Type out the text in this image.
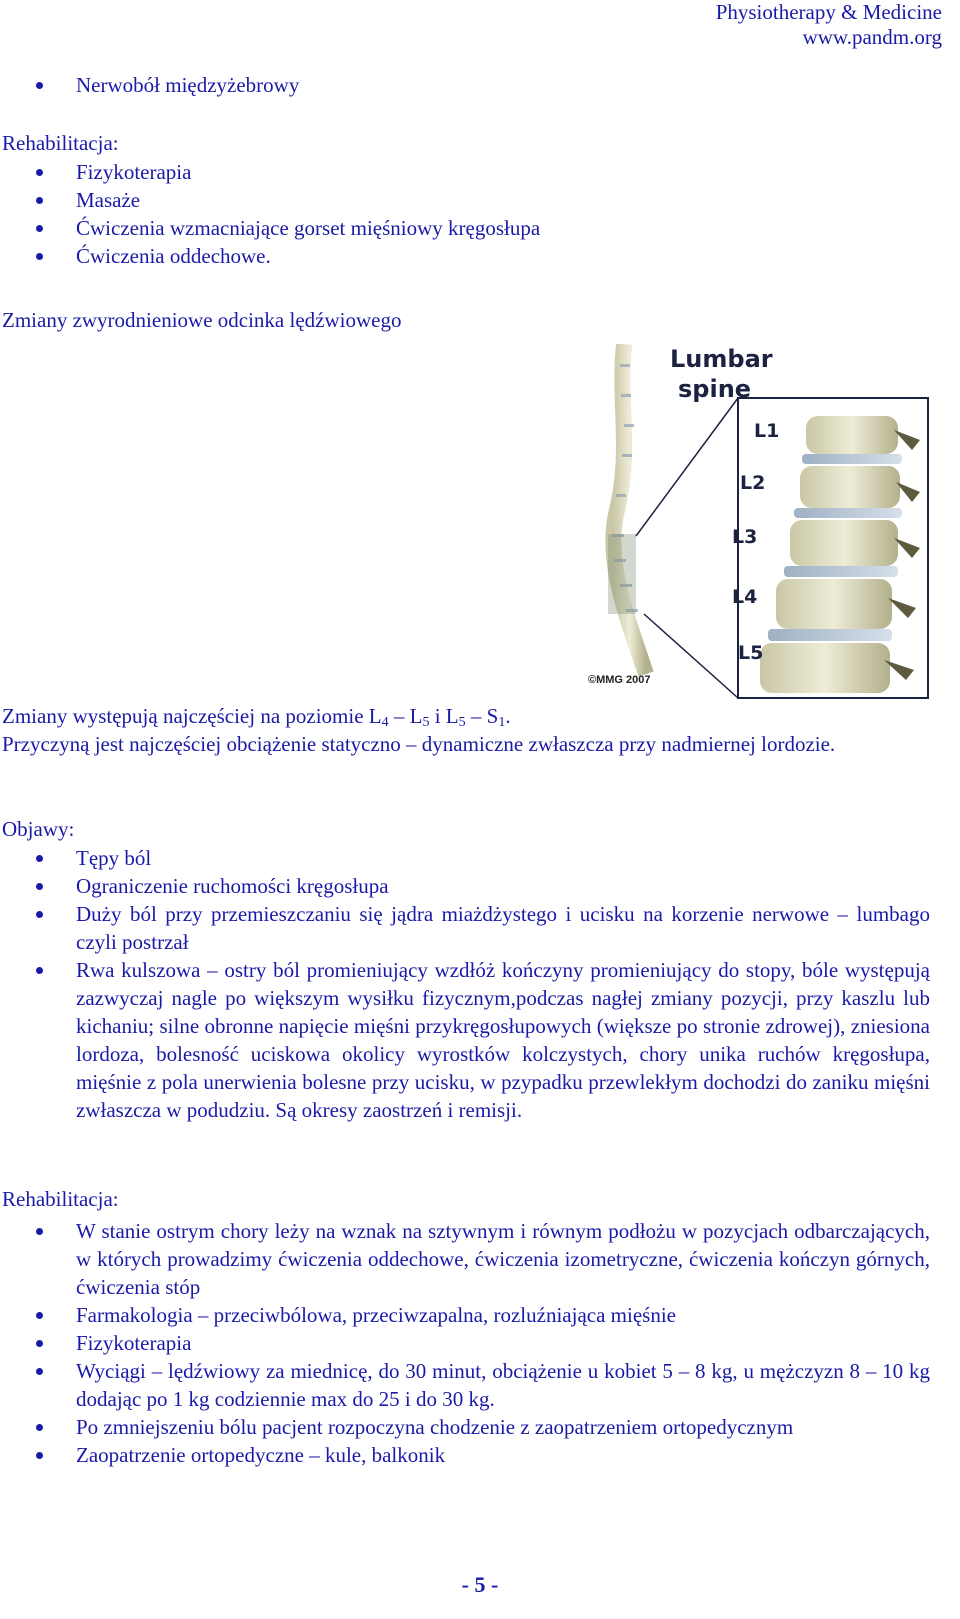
Physiotherapy & Medicine
www.pandm.org
Nerwobół międzyżebrowy
Rehabilitacja:
Fizykoterapia
Masaże
Ćwiczenia wzmacniające gorset mięśniowy kręgosłupa
Ćwiczenia oddechowe.
Zmiany zwyrodnieniowe odcinka lędźwiowego
Lumbar
spine
L1
L2
L3
L4
L5
©MMG 2007
Zmiany występują najczęściej na poziomie $L_4 - L_5$ i $L_5 - S_1$.
Przyczyną jest najczęściej obciążenie statyczno – dynamiczne zwłaszcza przy nadmiernej lordozie.
Objawy:
Tępy ból
Ograniczenie ruchomości kręgosłupa
Duży ból przy przemieszczaniu się jądra miażdżystego i ucisku na korzenie nerwowe – lumbago czyli postrzał
Rwa kulszowa – ostry ból promieniujący wzdłóż kończyny promieniujący do stopy, bóle występują zazwyczaj nagle po większym wysiłku fizycznym,podczas nagłej zmiany pozycji, przy kaszlu lub kichaniu; silne obronne napięcie mięśni przykręgosłupowych (większe po stronie zdrowej), zniesiona lordoza, bolesność uciskowa okolicy wyrostków kolczystych, chory unika ruchów kręgosłupa, mięśnie z pola unerwienia bolesne przy ucisku, w pzypadku przewlekłym dochodzi do zaniku mięśni zwłaszcza w podudziu. Są okresy zaostrzeń i remisji.
Rehabilitacja:
W stanie ostrym chory leży na wznak na sztywnym i równym podłożu w pozycjach odbarczających, w których prowadzimy ćwiczenia oddechowe, ćwiczenia izometryczne, ćwiczenia kończyn górnych, ćwiczenia stóp
Farmakologia – przeciwbólowa, przeciwzapalna, rozluźniająca mięśnie
Fizykoterapia
Wyciągi – lędźwiowy za miednicę, do 30 minut, obciążenie u kobiet 5 – 8 kg, u mężczyzn 8 – 10 kg dodając po 1 kg codziennie max do 25 i do 30 kg.
Po zmniejszeniu bólu pacjent rozpoczyna chodzenie z zaopatrzeniem ortopedycznym
Zaopatrzenie ortopedyczne – kule, balkonik
- 5 -
